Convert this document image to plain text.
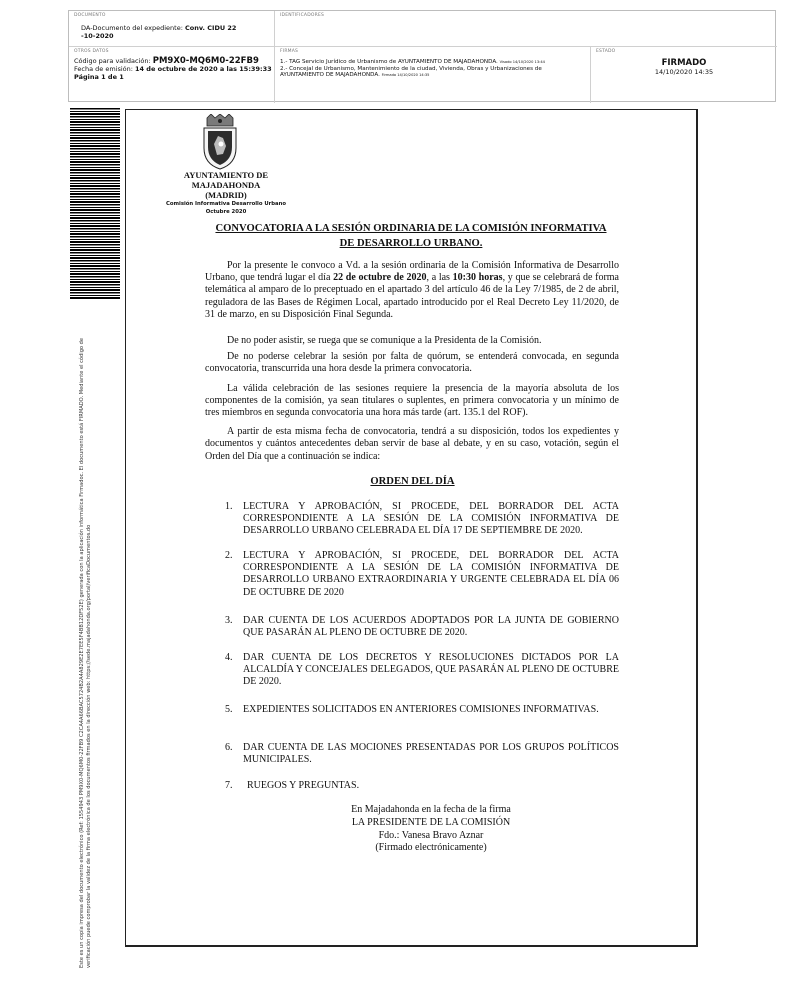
DOCUMENTO
DA-Documento del expediente: Conv. CIDU 22
-10-2020
IDENTIFICADORES
OTROS DATOS
Código para validación: PM9X0-MQ6M0-22FB9
Fecha de emisión: 14 de octubre de 2020 a las 15:39:33
Página 1 de 1
FIRMAS
1.- TAG Servicio Jurídico de Urbanismo de AYUNTAMIENTO DE MAJADAHONDA. Visado 14/10/2020 13:44
2.- Concejal de Urbanismo, Mantenimiento de la ciudad, Vivienda, Obras y Urbanizaciones de
AYUNTAMIENTO DE MAJADAHONDA. Firmado 14/10/2020 14:35
ESTADO
FIRMADO
14/10/2020 14:35
Este es un copia impresa del documento electrónico (Ref: 1554943 PM9X0-MQ6M0-22FB9 C2CA4A66BAC5724B2A4A829E2E7EE5F4BB12DF52E) generada con la aplicación informática Firmadoc. El documento está FIRMADO. Mediante el código de verificación puede comprobar la validez de la firma electrónica de los documentos firmados en la dirección web: https://sede.majadahonda.org/portal/verificaDocumentos.do
AYUNTAMIENTO DE
MAJADAHONDA
(MADRID)
Comisión Informativa Desarrollo Urbano
Octubre 2020
CONVOCATORIA A LA SESIÓN ORDINARIA DE LA COMISIÓN INFORMATIVA
DE DESARROLLO URBANO.

Por la presente le convoco a Vd. a la sesión ordinaria de la Comisión Informativa de Desarrollo Urbano, que tendrá lugar el día 22 de octubre de 2020, a las 10:30 horas, y que se celebrará de forma telemática al amparo de lo preceptuado en el apartado 3 del artículo 46 de la Ley 7/1985, de 2 de abril, reguladora de las Bases de Régimen Local, apartado introducido por el Real Decreto Ley 11/2020, de 31 de marzo, en su Disposición Final Segunda.

De no poder asistir, se ruega que se comunique a la Presidenta de la Comisión.

De no poderse celebrar la sesión por falta de quórum, se entenderá convocada, en segunda convocatoria, transcurrida una hora desde la primera convocatoria.

La válida celebración de las sesiones requiere la presencia de la mayoría absoluta de los componentes de la comisión, ya sean titulares o suplentes, en primera convocatoria y un mínimo de tres miembros en segunda convocatoria una hora más tarde (art. 135.1 del ROF).

A partir de esta misma fecha de convocatoria, tendrá a su disposición, todos los expedientes y documentos y cuántos antecedentes deban servir de base al debate, y en su caso, votación, según el Orden del Día que a continuación se indica:

ORDEN DEL DÍA
1. LECTURA Y APROBACIÓN, SI PROCEDE, DEL BORRADOR DEL ACTA CORRESPONDIENTE A LA SESIÓN DE LA COMISIÓN INFORMATIVA DE DESARROLLO URBANO CELEBRADA EL DÍA 17 DE SEPTIEMBRE DE 2020.
2. LECTURA Y APROBACIÓN, SI PROCEDE, DEL BORRADOR DEL ACTA CORRESPONDIENTE A LA SESIÓN DE LA COMISIÓN INFORMATIVA DE DESARROLLO URBANO EXTRAORDINARIA Y URGENTE CELEBRADA EL DÍA 06 DE OCTUBRE DE 2020
3. DAR CUENTA DE LOS ACUERDOS ADOPTADOS POR LA JUNTA DE GOBIERNO QUE PASARÁN AL PLENO DE OCTUBRE DE 2020.
4. DAR CUENTA DE LOS DECRETOS Y RESOLUCIONES DICTADOS POR LA ALCALDÍA Y CONCEJALES DELEGADOS, QUE PASARÁN AL PLENO DE OCTUBRE DE 2020.
5. EXPEDIENTES SOLICITADOS EN ANTERIORES COMISIONES INFORMATIVAS.
6. DAR CUENTA DE LAS MOCIONES PRESENTADAS POR LOS GRUPOS POLÍTICOS MUNICIPALES.
7. RUEGOS Y PREGUNTAS.
En Majadahonda en la fecha de la firma
LA PRESIDENTE DE LA COMISIÓN
Fdo.: Vanesa Bravo Aznar
(Firmado electrónicamente)
